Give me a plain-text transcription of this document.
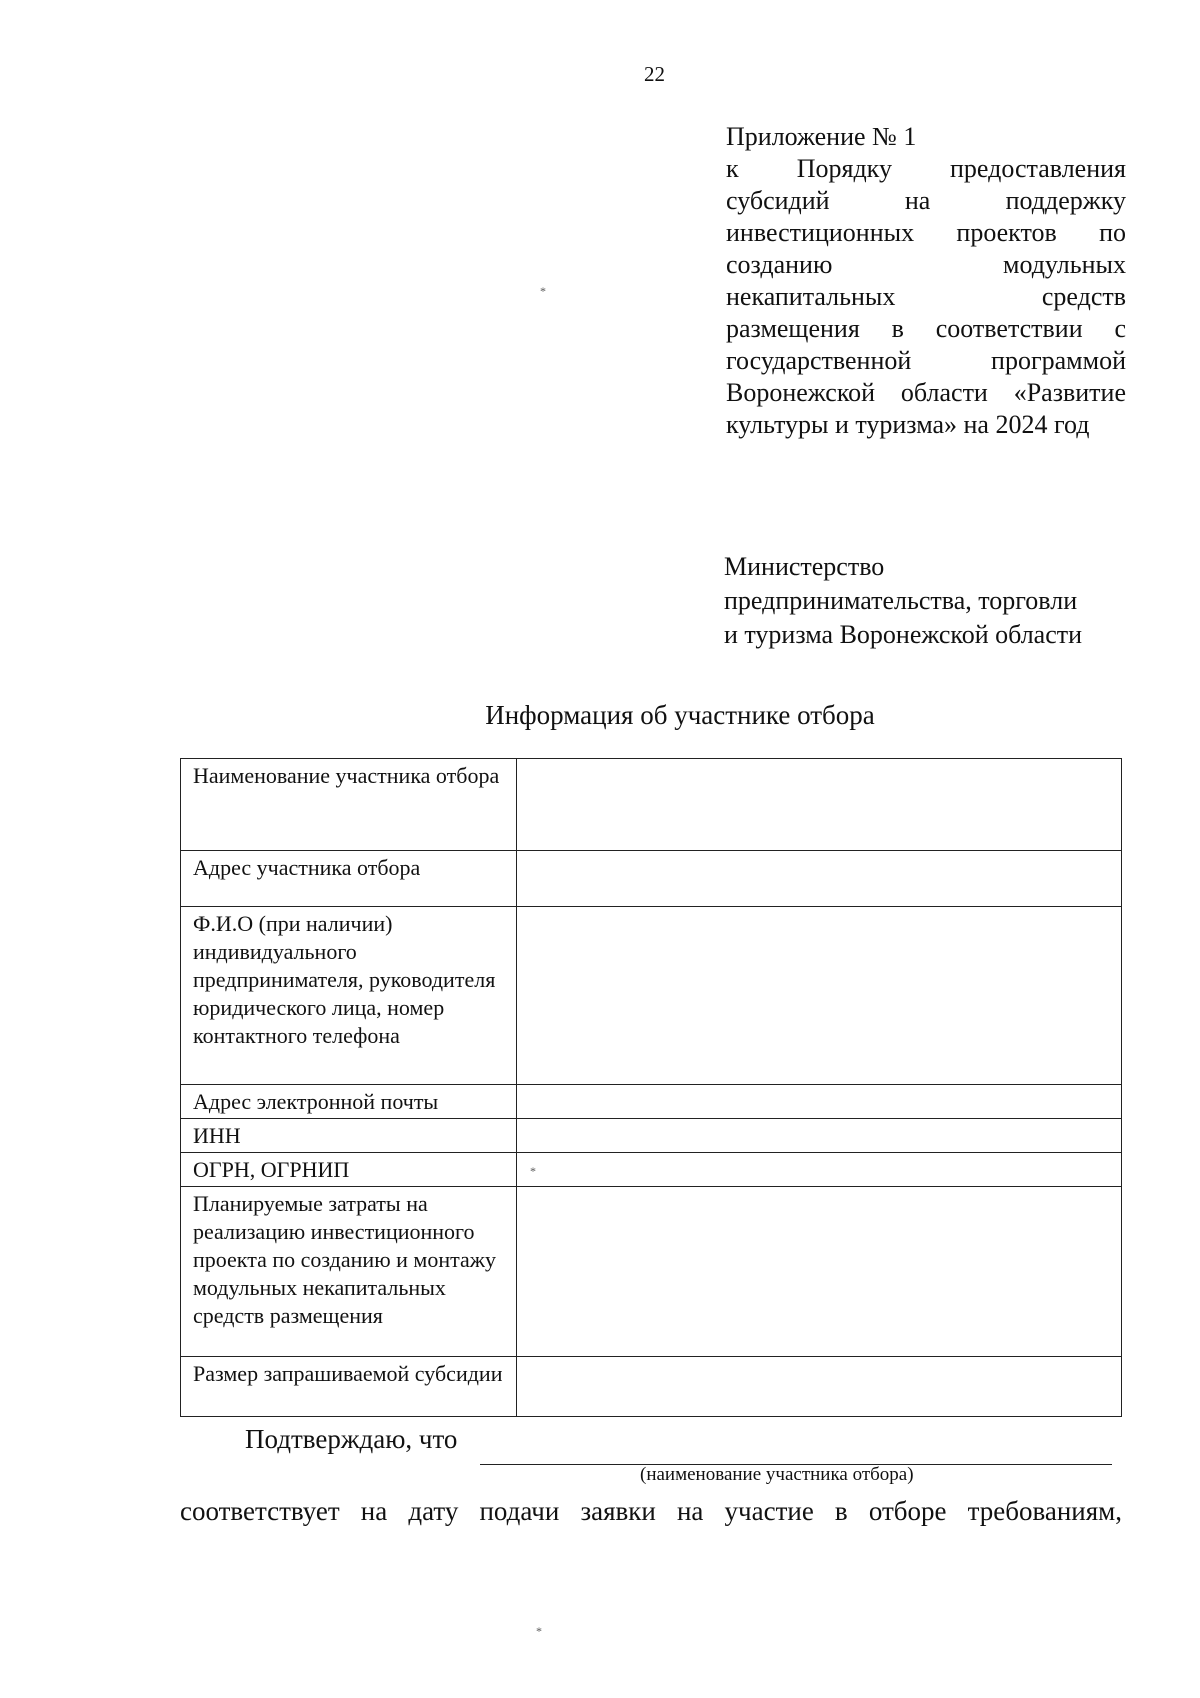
22
Приложение № 1
к Порядку предоставления субсидий на поддержку инвестиционных проектов по созданию модульных некапитальных средств размещения в соответствии с государственной программой Воронежской области «Развитие культуры и туризма» на 2024 год
Министерство
предпринимательства, торговли
и туризма Воронежской области
Информация об участнике отбора
Наименование участника отбора	
Адрес участника отбора	
Ф.И.О (при наличии) индивидуального предпринимателя, руководителя юридического лица, номер контактного телефона	
Адрес электронной почты	
ИНН	
ОГРН, ОГРНИП	
Планируемые затраты на реализацию инвестиционного проекта по созданию и монтажу модульных некапитальных средств размещения	
Размер запрашиваемой субсидии	
Подтверждаю, что
(наименование участника отбора)
соответствует на дату подачи заявки на участие в отборе требованиям,
*
*
*
